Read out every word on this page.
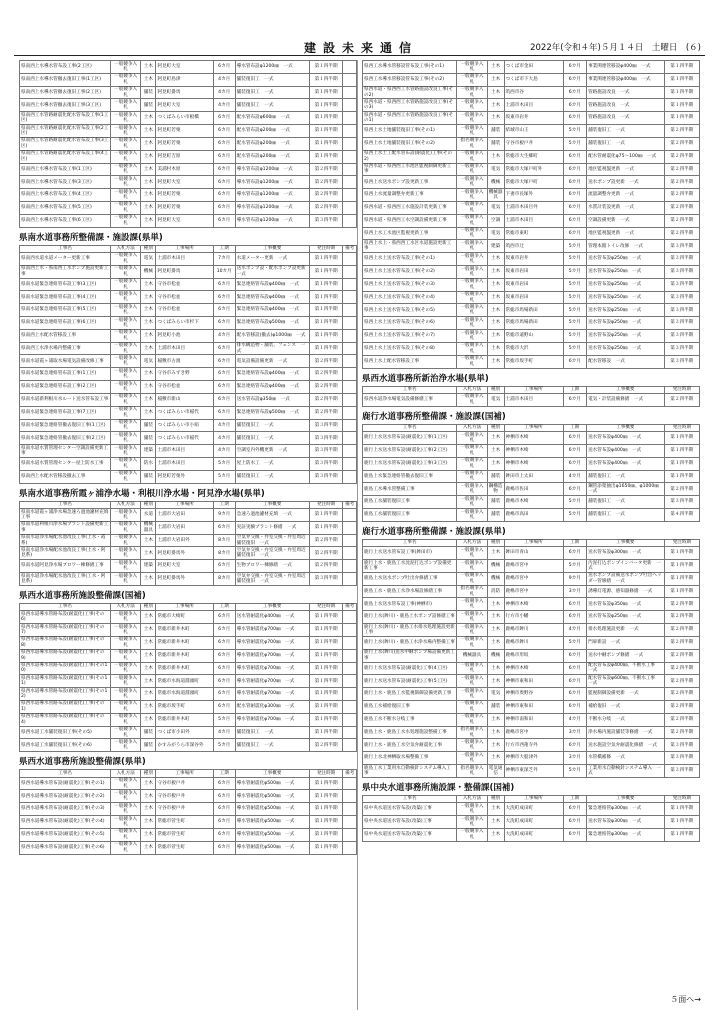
建設未来通信	2022年(令和４年)５月１４日　土曜日　(６)
県南西上水導水管布設工事(2工区)	一般競争入札	土木	阿見町大室	6カ月	導水管布設φ1200㎜　一式	第１四半期	
県南西上水導水管撤去復旧工事(1工区)	一般競争入札	土木	阿見町島津	4カ月	舗装復旧工　一式	第１四半期	
県南西上水導水管撤去復旧工事(2工区)	一般競争入札	舗装	阿見町掛馬	4カ月	舗装復旧工　一式	第１四半期	
県南西上水導水管撤去復旧工事(3工区)	一般競争入札	舗装	阿見町大室	4カ月	舗装復旧工　一式	第１四半期	
県南西工水管路耐震化配水管布設工事(1工区)	一般競争入札	土木	つくばみらい市板橋	6カ月	配水管布設φ600㎜　一式	第１四半期	
県南西工水管路耐震化配水管布設工事(2工区)	一般競争入札	土木	阿見町若栗	6カ月	配水管布設φ200㎜　一式	第１四半期	
県南西工水管路耐震化配水管布設工事(3工区)	一般競争入札	土木	阿見町若栗	6カ月	配水管布設φ200㎜　一式	第１四半期	
県南西工水管路耐震化配水管布設工事(4工区)	一般競争入札	土木	阿見町吉原	6カ月	配水管布設φ200㎜　一式	第１四半期	
県南西上水導水管布設工事(1工区)	一般競争入札	土木	美浦村木原	6カ月	導水管布設φ1200㎜　一式	第２四半期	
県南西上水導水管布設工事(3工区)	一般競争入札	土木	阿見町大室	6カ月	導水管布設φ1200㎜　一式	第２四半期	
県南西上水導水管布設工事(4工区)	一般競争入札	土木	阿見町若栗	6カ月	導水管布設φ1200㎜　一式	第２四半期	
県南西上水導水管布設工事(5工区)	一般競争入札	土木	阿見町若栗	6カ月	導水管布設φ1200㎜　一式	第２四半期	
県南西上水導水管布設工事(6工区)	一般競争入札	土木	阿見町大室	6カ月	導水管布設φ1200㎜　一式	第３四半期	
県南水道事務所整備課・施設課(県単)
工事名	入札方法	種別	工事場所	工期	工事概要	発注時期	備考
県南西水道水道メーター更新工事	一般競争入札	電気	土浦市木田目	7カ月	水道メーター更新　一式	第１四半期	
県南西上水・県南西工水ポンプ施設更新工事	一般競争入札	機械	阿見町掛馬	10カ月	送水ポンプ設・配水ポンプ設更新　一式	第１四半期	
県南水道緊急連絡管布設工事(3工区)	一般競争入札	土木	守谷市松並	6カ月	緊急連絡管布設φ400㎜　一式	第１四半期	
県南水道緊急連絡管布設工事(4工区)	一般競争入札	土木	守谷市松並	6カ月	緊急連絡管布設φ400㎜　一式	第１四半期	
県南水道緊急連絡管布設工事(5工区)	一般競争入札	土木	守谷市松並	6カ月	緊急連絡管布設φ400㎜　一式	第１四半期	
県南水道緊急連絡管布設工事(6工区)	一般競争入札	土木	つくばみらい市杉下	6カ月	緊急連絡管布設φ500㎜　一式	第１四半期	
県南西上水配水管移設工事	一般競争入札	土木	阿見町小池	4カ月	配水管移設(撤去)φ1000㎜　一式	第１四半期	
県南西工水浄水場内整備工事	一般競争入札	土木	土浦市木田目	6カ月	排水構造物・舗装、フェンス　一式	第１四半期	
県南水道霞ヶ浦取水場電気設備改修工事	一般競争入札	電気	稲敷市古渡	6カ月	電気設備設備更新　一式	第２四半期	
県南水道緊急連絡管布設工事(1工区)	一般競争入札	土木	守谷市みずき野	6カ月	緊急連絡管布設φ400㎜　一式	第２四半期	
県南水道緊急連絡管布設工事(2工区)	一般競争入札	土木	守谷市松並	6カ月	緊急連絡管布設φ400㎜　一式	第２四半期	
県南水道新利根川水ルート送水管布設工事	一般競争入札	土木	稲敷市新山	6カ月	送水管布設φ350㎜　一式	第２四半期	
県南水道緊急連絡管布設工事(7工区)	一般競争入札	土木	つくばみらい市稲代	6カ月	緊急連絡管布設φ500㎜　一式	第２四半期	
県南水道緊急連絡管撤去復旧工事(1工区)	一般競争入札	舗装	つくばみらい市小絹	4カ月	舗装復旧工　一式	第３四半期	
県南水道緊急連絡管撤去復旧工事(2工区)	一般競争入札	舗装	つくばみらい市稲代	4カ月	舗装復旧工　一式	第３四半期	
県南水道水質管理センター空調設備更新工事	一般競争入札	建築	土浦市木田目	4カ月	空調室内外機更新　一式	第３四半期	
県南水道水質管理センター屋上防水工事	一般競争入札	防水	土浦市木田目	5カ月	屋上防水工　一式	第３四半期	
県南西上水配水管移設撤去工事	一般競争入札	舗装	阿見町若栗外	5カ月	舗装復旧工　一式	第３四半期	
県南水道事務所霞ヶ浦浄水場・利根川浄水場・阿見浄水場(県単)
工事名	入札方法	種別	工事場所	工期	工事概要	発注時期	備考
県南水道霞ヶ浦浄水場急速ろ過池濾材充填工事	一般競争入札	水道	土浦市大岩田	9カ月	急速ろ過池濾材充填　一式	第１四半期	
県南水道利根川浄水場プラント設備更新工事	一般競争入札	機械器具	土浦市大岩田	6カ月	実証実験プラント修繕　一式	第１四半期	
県南水道浄水場配水池改良工事(上水・霞系)	一般競争入札	土木	土浦市大岩田外	8カ月	空気弁交換・弁室交換・弁室周辺舗装復旧　一式	第２四半期	
県南水道浄水場配水池改良工事(上水・阿見系)	一般競争入札	土木	阿見町掛馬外	8カ月	空気弁交換・弁室交換・弁室周辺舗装復旧　一式	第２四半期	
県南水道阿見浄水場ブロワー棟修繕工事	一般競争入札	建築	阿見町大室	6カ月	生物ブロワー棟修繕　一式	第２四半期	
県南水道浄水場配水池改良工事(工水・阿見系)	一般競争入札	土木	阿見町掛馬外	8カ月	空気弁交換・弁室交換・弁室周辺舗装復旧　一式	第３四半期	
県西水道事務所施設整備課(国補)
工事名	入札方法	種別	工事場所	工期	工事概要	発注時期	備考
県西水道導水管路布設(耐震化)工事(その6)	一般競争入札	土木	常総市大崎町	6カ月	送水管耐震化φ400㎜　一式	第１四半期	
県西水道導水管路布設(耐震化)工事(その7)	一般競争入札	土木	常総市新井木町	6カ月	導水管耐震化φ700㎜　一式	第１四半期	
県西水道導水管路布設(耐震化)工事(その8)	一般競争入札	土木	常総市新井木町	6カ月	導水管耐震化φ700㎜　一式	第１四半期	
県西水道導水管路布設(耐震化)工事(その9)	一般競争入札	土木	常総市新井木町	6カ月	導水管耐震化φ700㎜　一式	第１四半期	
県西水道導水管路布設(耐震化)工事(その10)	一般競争入札	土木	常総市新井木町	6カ月	導水管耐震化φ700㎜　一式	第１四半期	
県西水道導水管路布設(耐震化)工事(その11)	一般競争入札	土木	常総市水海道淵頭町	6カ月	導水管耐震化φ700㎜　一式	第１四半期	
県西水道導水管路布設(耐震化)工事(その12)	一般競争入札	土木	常総市水海道淵頭町	6カ月	導水管耐震化φ700㎜　一式	第１四半期	
県西水道導水管路布設(耐震化)工事(その1)	一般競争入札	土木	常総市坂手町	6カ月	配水管耐震化φ300㎜　一式	第１四半期	
県西水道導水管路布設(耐震化)工事(その4)	一般競争入札	土木	常総市新井木町	5カ月	導水管耐震化φ700㎜　一式	第１四半期	
県西水道工水舗装復旧工事(その5)	一般競争入札	舗装	つくば市小田外	4カ月	舗装復旧工　一式	第１四半期	
県西水道工水舗装復旧工事(その6)	一般競争入札	舗装	かすみがうら市深谷外	5カ月	舗装復旧工　一式	第２四半期	
県西水道事務所施設整備課(県単)
工事名	入札方法	種別	工事場所	工期	工事概要	発注時期	備考
県西水道導水管布設(耐震化)工事(その1)	一般競争入札	土木	守谷市板戸井	6カ月	導水管耐震化φ500㎜　一式	第１四半期	
県西水道導水管布設(耐震化)工事(その2)	一般競争入札	土木	守谷市板戸井	6カ月	導水管耐震化φ500㎜　一式	第１四半期	
県西水道導水管布設(耐震化)工事(その3)	一般競争入札	土木	守谷市板戸井	6カ月	導水管耐震化φ500㎜　一式	第１四半期	
県西水道導水管布設(耐震化)工事(その4)	一般競争入札	土木	常総市菅生町	6カ月	導水管耐震化φ500㎜　一式	第１四半期	
県西水道導水管布設(耐震化)工事(その5)	一般競争入札	土木	常総市菅生町	6カ月	導水管耐震化φ500㎜　一式	第１四半期	
県西水道導水管布設(耐震化)工事(その6)	一般競争入札	土木	常総市菅生町	6カ月	導水管耐震化φ500㎜　一式	第１四半期	
県西工水導水管移設管布設工事(その1)	一般競争入札	土木	つくば市金田	6カ月	事業関連管移設φ400㎜　一式	第１四半期
県西工水導水管移設管布設工事(その2)	一般競争入札	土木	つくば市下大島	6カ月	事業関連管移設φ400㎜　一式	第１四半期
県西水道・県西西工水管路施設改良工事(その2)	一般競争入札	土木	筑西市谷	6カ月	管路施設改良　一式	第１四半期
県西水道・県西西工水管路施設改良工事(その3)	一般競争入札	土木	土浦市木田目	6カ月	管路施設改良　一式	第１四半期
県西水道・県西西工水管路施設改良工事(その1)	一般競争入札	土木	坂東市岩井	6カ月	管路施設改良　一式	第１四半期
県西上水土地舗装復旧工事(その1)	一般競争入札	舗装	結城市山王	5カ月	舗装復旧工　一式	第２四半期
県西上水土地舗装復旧工事(その2)	指名競争入札	舗装	守谷市板戸井	5カ月	舗装復旧工　一式	第２四半期
県西上水土工配水管布設(耐震化)工事(その2)	一般競争入札	土木	常総市大生郷町	6カ月	配水管耐震化φ75～100㎜　一式	第２四半期
県西水道・県西西工水池区監視制御更新工事	一般競争入札	電気	常総市大塚戸町外	6カ月	地区監視盤更新　一式	第２四半期
県西上水送水ポンプ設更新工事	一般競争入札	機械	常総市大塚戸町	6カ月	送水ポンプ設更新　一式	第２四半期
県西上水流量調整弁更新工事	一般競争入札	機械器具	下妻市長塚外	6カ月	流量調整弁更新　一式	第２四半期
県西水道・県西西工水施設計装更新工事	一般競争入札	電気	土浦市木田目外	6カ月	水質計装設更新　一式	第２四半期
県西水道・県西西工水空調設備更新工事	一般競争入札	空調	土浦市木田目	6カ月	空調設備更新　一式	第２四半期
県西上水工水池区監視更新工事	一般競争入札	電気	常総市東町	6カ月	地区監視盤更新　一式	第２四半期
県西上水上・県西西工水区水道施設更新工事	一般競争入札	建築	筑西市辻	5カ月	管理本館トイレ改修　一式	第３四半期
県西上水上送水管布設工事(その1)	一般競争入札	土木	坂東市岩井	5カ月	送水管布設φ250㎜　一式	第３四半期
県西上水上送水管布設工事(その2)	一般競争入札	土木	坂東市岩田	5カ月	送水管布設φ250㎜　一式	第３四半期
県西上水上送水管布設工事(その3)	一般競争入札	土木	坂東市岩田	5カ月	送水管布設φ250㎜　一式	第３四半期
県西上水上送水管布設工事(その4)	一般競争入札	土木	坂東市岩田	5カ月	送水管布設φ250㎜　一式	第３四半期
県西上水上送水管布設工事(その5)	一般競争入札	土木	常総市馬場新田	5カ月	送水管布設φ250㎜　一式	第３四半期
県西上水上送水管布設工事(その6)	一般競争入札	土木	常総市馬場新田	5カ月	送水管布設φ250㎜　一式	第３四半期
県西上水上送水管布設工事(その7)	一般競争入札	土木	常総市遠野山	5カ月	送水管布設φ250㎜　一式	第３四半期
県西上水上送水管布設工事(その8)	一般競争入札	土木	常総市大沢	5カ月	送水管布設φ250㎜　一式	第３四半期
県西上水上配水管移設工事	一般競争入札	土木	常総市坂手町	6カ月	配水管移設　一式	第３四半期
県西水道事務所新治浄水場(県単)
工事名	入札方法	種別	工事場所	工期	工事概要	発注時期
県西水道浄水場電気設備修繕工事	一般競争入札	電気	土浦市木田目	6カ月	電気・計装設備修繕　一式	第２四半期
鹿行水道事務所整備課・施設課(国補)
工事名	入札方法	種別	工事場所	工期	工事概要	発注時期
鹿行上水送水管布設(耐震化)工事(1工区)	一般競争入札	土木	神栖市木崎	6カ月	送水管布設φ400㎜　一式	第１四半期
鹿行上水送水管布設(耐震化)工事(2工区)	一般競争入札	土木	神栖市木崎	6カ月	送水管布設φ400㎜　一式	第１四半期
鹿行上水送水管布設(耐震化)工事(3工区)	一般競争入札	土木	神栖市木崎	6カ月	送水管布設φ400㎜　一式	第１四半期
鹿島上水緊急連絡管撤去復旧工事	一般競争入札	舗装	鉾田市上太田	4カ月	舗装復旧工　一式	第１四半期
鹿島工水導水管整備工事	一般競争入札	鋼構造物	鹿嶋市佐田	6カ月	鋼管添架抽出φ1650㎜、φ1000㎜　一式	第２四半期
鹿島工水舗装復旧工事	一般競争入札	舗装	鹿嶋市木崎	5カ月	舗装復旧工　一式	第３四半期
鹿島工水舗装復旧工事	一般競争入札	舗装	鹿嶋市高田	5カ月	舗装復旧工　一式	第４四半期
鹿行水道事務所整備課・施設課(県単)
工事名	入札方法	種別	工事場所	工期	工事概要	発注時期
鹿行上水送水管布設工事(鉾田市)	一般競争入札	土木	鉾田市青山	6カ月	送水管布設φ300㎜　一式	第１四半期
鹿行上水・鹿島工水沈泥打込ポンプ設備更新工事	一般競争入札	機械	鹿嶋市宮中	5カ月	汚泥打込ポンプインバータ更新　一式	第１四半期
鹿島上水送水ポンプ吐出弁修繕工事	一般競争入札	機械	鹿嶋市宮中	9カ月	送水ポンプ設備送水ポンプ吐出ヘッダー管修繕　一式	第１四半期
鹿島工水・鹿島工水浄水場設修繕工事	指名競争入札	消防	鹿嶋市宮中	3カ月	誘導灯電源、感知器修繕　一式	第１四半期
鹿島上水送水管布設工事(神栖市)	一般競争入札	土木	神栖市木崎	6カ月	送水管布設φ350㎜　一式	第２四半期
鹿行上水(鉾川)・鹿島上水ポンプ設修繕工事	一般競争入札	土木	行方市小幡	6カ月	送水管布設φ250㎜　一式	第２四半期
鹿行上水(鉾川)・鹿島工水排水処理施設更新工事	一般競争入札	土木	鹿嶋市鉾川	4カ月	排水処理施設更新　一式	第２四半期
鹿行上水(鉾川)・鹿島工水浄水場内整備工事	一般競争入札	土木	鹿嶋市鉾川	5カ月	門扉新設　一式	第２四半期
鹿行上水(鉾川)送水中継ポンプ場設備更新工事	機械器具	機械	鹿嶋市形坂	6カ月	送水中継ポンプ修繕　一式	第２四半期
鹿行上水送水管布設(耐震化)工事(4工区)	一般競争入札	土木	神栖市木崎	6カ月	配水管布設φ400㎜、不断水工事　一式	第２四半期
鹿行上水送水管布設(耐震化)工事(5工区)	一般競争入札	土木	神栖市東和田	6カ月	配水管布設φ600㎜、不断水工事　一式	第２四半期
鹿行上水・鹿島工水監視制御設備更新工事	一般競争入札	電気	神栖市奥野谷	6カ月	監視制御設備更新　一式	第２四半期
鹿島工水補給復旧工事	一般競争入札	舗装	神栖市東和田	6カ月	補給復旧　一式	第２四半期
鹿島工水不断水分岐工事	一般競争入札	土木	神栖市南和田	4カ月	不断水分岐　一式	第２四半期
鹿島上水・鹿島工水水処理施設整備工事	指名競争入札	土木	鹿嶋市宮中	3カ月	浄水場内施設舗装等修繕　一式	第２四半期
鹿行上水・鹿島工水空気弁耐震化工事	一般競争入札	土木	行方市西蓮寺外	6カ月	送水施設空気弁耐震化修繕　一式	第３四半期
鹿行上水北神栖取水場整備工事	一般競争入札	土木	神栖市大船津外	3カ月	水管橋補修　一式	第３四半期
鹿島工水工業用水自動検針システム導入工事	指名競争入札	電気通信	神栖市東深芝外	5カ月	工業用水自動検針システム導入　一式	第３四半期
県中央水道事務所施設課・整備課(国補)
工事名	入札方法	種別	工事場所	工期	工事概要	発注時期
県中央水道送水管布設(改築)工事	一般競争入札	土木	大洗町成田町	6カ月	緊急連絡管φ300㎜　一式	第１四半期
県中央水道送水管布設(改築)工事	一般競争入札	土木	大洗町成田町	6カ月	送水管布設φ300㎜　一式	第１四半期
県中央水道送水管布設(改築)工事	一般競争入札	土木	大洗町成田町	6カ月	緊急連絡管φ300㎜　一式	第１四半期
５面へ→
